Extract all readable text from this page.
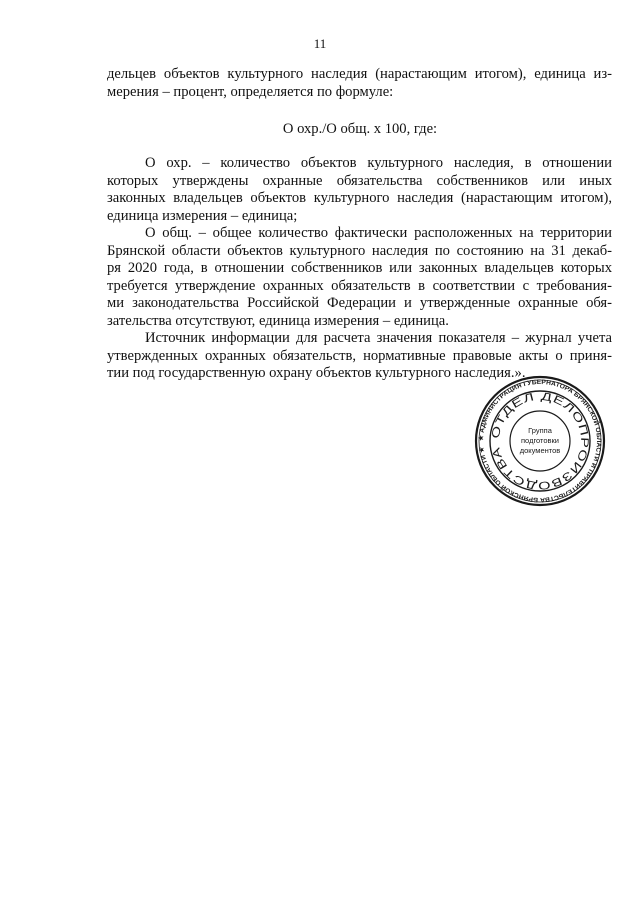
11
дельцев объектов культурного наследия (нарастающим итогом), единица из-
мерения – процент, определяется по формуле:
О охр./О общ. х 100, где:
О охр. – количество объектов культурного наследия, в отношении
которых утверждены охранные обязательства собственников или иных
законных владельцев объектов культурного наследия (нарастающим итогом),
единица измерения – единица;
О общ. – общее количество фактически расположенных на территории
Брянской области объектов культурного наследия по состоянию на 31 декаб-
ря 2020 года, в отношении собственников или законных владельцев которых
требуется утверждение охранных обязательств в соответствии с требования-
ми законодательства Российской Федерации и утвержденные охранные обя-
зательства отсутствуют, единица измерения – единица.
Источник информации для расчета значения показателя – журнал учета
утвержденных охранных обязательств, нормативные правовые акты о приня-
тии под государственную охрану объектов культурного наследия.».
★ АДМИНИСТРАЦИЯ ГУБЕРНАТОРА БРЯНСКОЙ ОБЛАСТИ И ПРАВИТЕЛЬСТВА БРЯНСКОЙ ОБЛАСТИ ★
ОТДЕЛ ДЕЛОПРОИЗВОДСТВА
Группа
подготовки
документов
